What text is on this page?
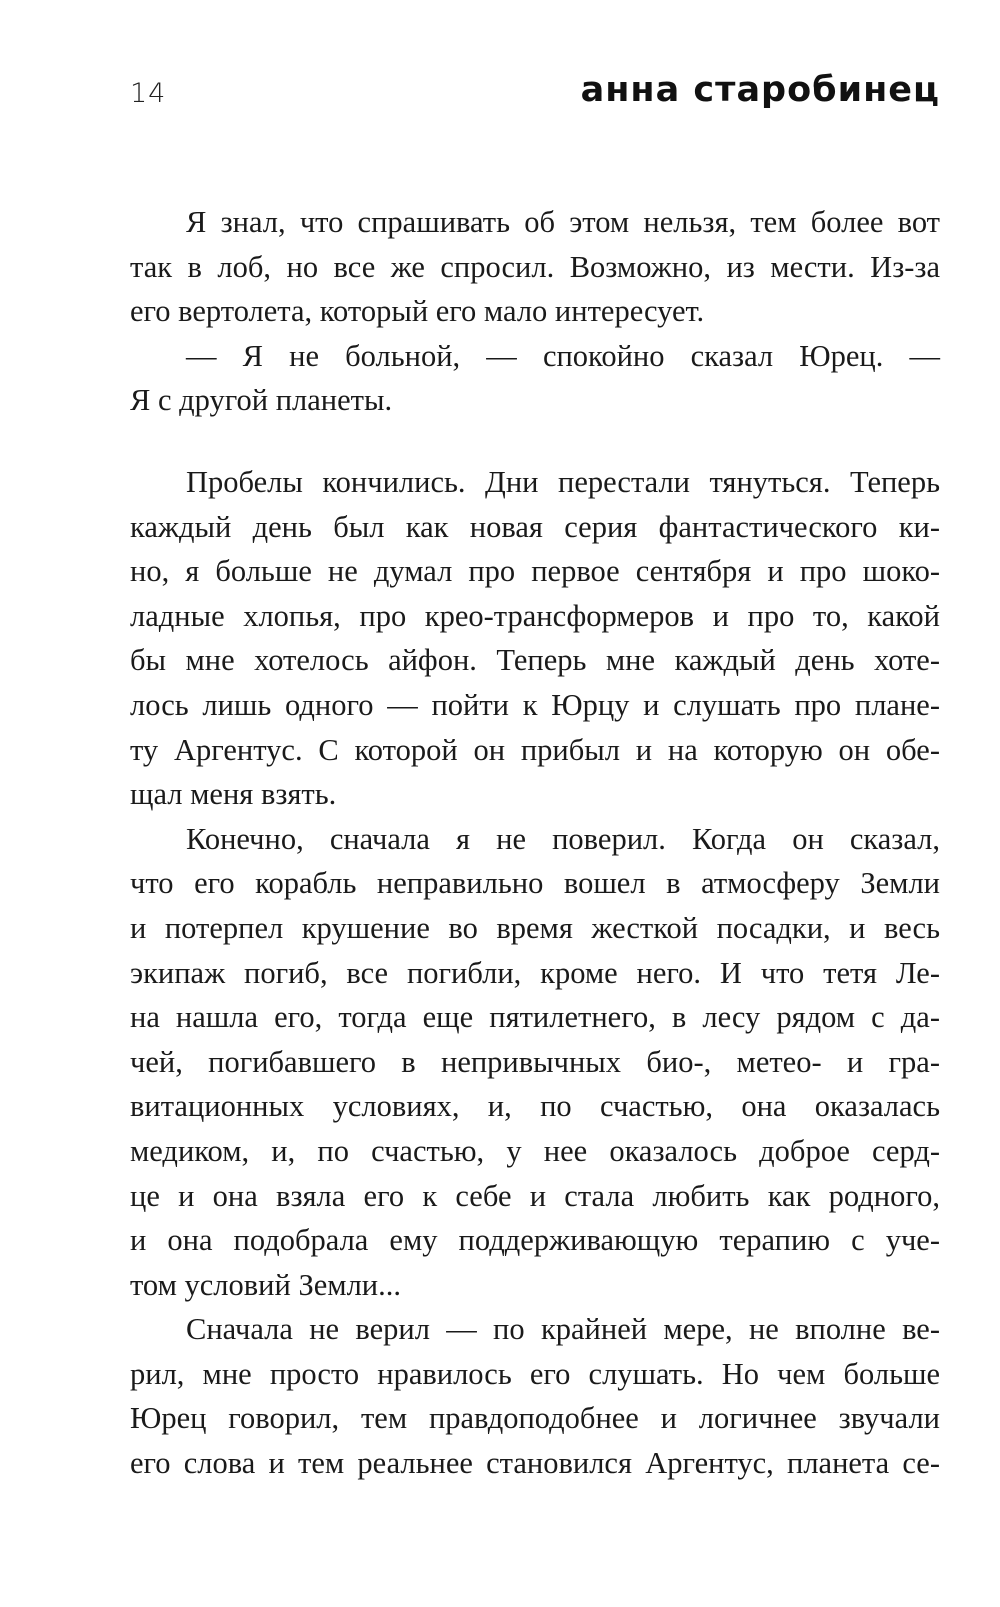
14	анна старобинец
Я знал, что спрашивать об этом нельзя, тем более вот
так в лоб, но все же спросил. Возможно, из мести. Из-за
его вертолета, который его мало интересует.
— Я не больной, — спокойно сказал Юрец. —
Я с другой планеты.
Пробелы кончились. Дни перестали тянуться. Теперь
каждый день был как новая серия фантастического ки-
но, я больше не думал про первое сентября и про шоко-
ладные хлопья, про крео-трансформеров и про то, какой
бы мне хотелось айфон. Теперь мне каждый день хоте-
лось лишь одного — пойти к Юрцу и слушать про плане-
ту Аргентус. С которой он прибыл и на которую он обе-
щал меня взять.
Конечно, сначала я не поверил. Когда он сказал,
что его корабль неправильно вошел в атмосферу Земли
и потерпел крушение во время жесткой посадки, и весь
экипаж погиб, все погибли, кроме него. И что тетя Ле-
на нашла его, тогда еще пятилетнего, в лесу рядом с да-
чей, погибавшего в непривычных био-, метео- и гра-
витационных условиях, и, по счастью, она оказалась
медиком, и, по счастью, у нее оказалось доброе серд-
це и она взяла его к себе и стала любить как родного,
и она подобрала ему поддерживающую терапию с уче-
том условий Земли...
Сначала не верил — по крайней мере, не вполне ве-
рил, мне просто нравилось его слушать. Но чем больше
Юрец говорил, тем правдоподобнее и логичнее звучали
его слова и тем реальнее становился Аргентус, планета се-
